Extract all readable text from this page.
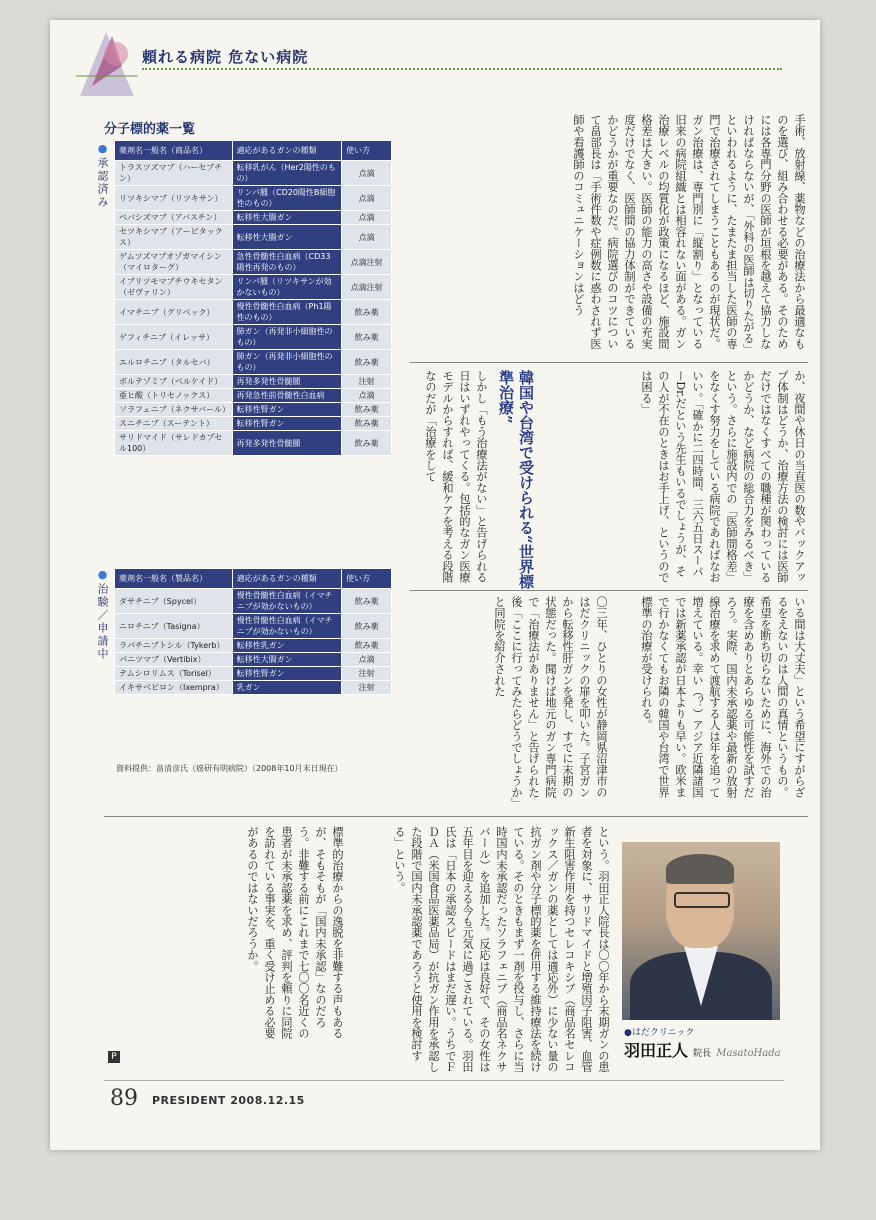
頼れる病院 危ない病院
分子標的薬一覧
●承認済み
●治験／申請中
薬剤名一般名（商品名）	適応があるガンの種類	使い方
トラスツズマブ（ハーセプチン）	転移乳がん（Her2陽性のもの）	点滴
リツキシマブ（リツキサン）	リンパ腫（CD20陽性B細胞性のもの）	点滴
ベバシズマブ（アバスチン）	転移性大腸ガン	点滴
セツキシマブ（アービタックス）	転移性大腸ガン	点滴
ゲムツズマブオゾガマイシン（マイロターグ）	急性骨髄性白血病（CD33陽性再発のもの）	点滴注射
イブリツモマブチウキセタン（ゼヴァリン）	リンパ腫（リツキサンが効かないもの）	点滴注射
イマチニブ（グリベック）	慢性骨髄性白血病（Ph1陽性のもの）	飲み薬
ゲフィチニブ（イレッサ）	肺ガン（再発非小細胞性のもの）	飲み薬
エルロチニブ（タルセバ）	肺ガン（再発非小細胞性のもの）	飲み薬
ボルテゾミブ（ベルケイド）	再発多発性骨髄腫	注射
亜ヒ酸（トリセノックス）	再発急性前骨髄性白血病	点滴
ソラフェニブ（ネクサバール）	転移性腎ガン	飲み薬
スニチニブ（スーテント）	転移性腎ガン	飲み薬
サリドマイド（サレドカプセル100）	再発多発性骨髄腫	飲み薬
薬剤名一般名（製品名）	適応があるガンの種類	使い方
ダサチニブ（Spycel）	慢性骨髄性白血病（イマチニブが効かないもの）	飲み薬
ニロチニブ（Tasigna）	慢性骨髄性白血病（イマチニブが効かないもの）	飲み薬
ラパチニブトシル（Tykerb）	転移性乳ガン	飲み薬
パニツマブ（Vertibix）	転移性大腸ガン	点滴
テムシロリムス（Torisel）	転移性腎ガン	注射
イキサベピロン（Ixempra）	乳ガン	注射
資料提供：畠清彦氏（癌研有明病院）（2008年10月末日現在）
手術、放射線、薬物などの治療法から最適なものを選び、組み合わせる必要がある。そのためには各専門分野の医師が垣根を越えて協力しなければならないが、「外科の医師は切りたがる」といわれるように、たまたま担当した医師の専門で治療されてしまうこともあるのが現状だ。ガン治療は、専門別に「縦割り」となっている旧来の病院組織とは相容れない面がある。ガン治療レベルの均質化が政策になるほど、施設間格差は大きい。医師の能力の高さや設備の充実度だけでなく、医師間の協力体制ができているかどうかが重要なのだ。病院選びのコツについて畠部長は「手術件数や症例数に惑わされず医師や看護師のコミュニケーションはどう
か、夜間や休日の当直医の数やバックアップ体制はどうか、治療方法の検討には医師だけではなくすべての職種が関わっているかどうか、など病院の総合力をみるべき」という。さらに施設内での「医師間格差」をなくす努力をしている病院であればなおいい。「確かに二四時間、三六五日スーパーDr.だという先生もいるでしょうが、その人が不在のときはお手上げ、というのでは困る」
韓国や台湾で受けられる“世界標準治療”
しかし「もう治療法がない」と告げられる日はいずれやってくる。包括的なガン医療モデルからすれば、緩和ケアを考える段階なのだが「治療をして
いる間は大丈夫」という希望にすがらざるをえないのは人間の真情というもの。希望を断ち切らないために、海外での治療を含めありとあらゆる可能性を試すだろう。実際、国内未承認薬や最新の放射線治療を求めて渡航する人は年を追って増えている。幸い（？）アジア近隣諸国では新薬承認が日本よりも早い。欧米まで行かなくてもお隣の韓国や台湾で世界標準の治療が受けられる。
〇三年、ひとりの女性が静岡県沼津市のはだクリニックの扉を叩いた。子宮ガンから転移性肝ガンを発し、すでに末期の状態だった。聞けば地元のガン専門病院で「治療法がありません」と告げられた後「ここに行ってみたらどうでしょうか」と同院を紹介された
●はだクリニック
羽田正人 院長 MasatoHada
という。羽田正人院長は〇〇年から末期ガンの患者を対象に、サリドマイドと増殖因子阻害、血管新生阻害作用を持つセレコキシブ（商品名セレコックス／ガンの薬としては適応外）に少ない量の抗ガン剤や分子標的薬を併用する維持療法を続けている。そのときもまず一剤を投与し、さらに当時国内未承認だったソラフェニブ（商品名ネクサバール）を追加した。反応は良好で、その女性は五年目を迎える今も元気に過ごされている。羽田氏は「日本の承認スピードはまだ遅い。うちでＦＤＡ（米国食品医薬品局）が抗ガン作用を承認した段階で国内未承認薬であろうと使用を検討する」という。
標準的治療からの逸脱を非難する声もあるが、そもそもが「国内未承認」なのだろう。非難する前にこれまで七〇〇名近くの患者が未承認薬を求め、評判を頼りに同院を訪れている事実を、重く受け止める必要があるのではないだろうか。
P
89 PRESIDENT 2008.12.15
